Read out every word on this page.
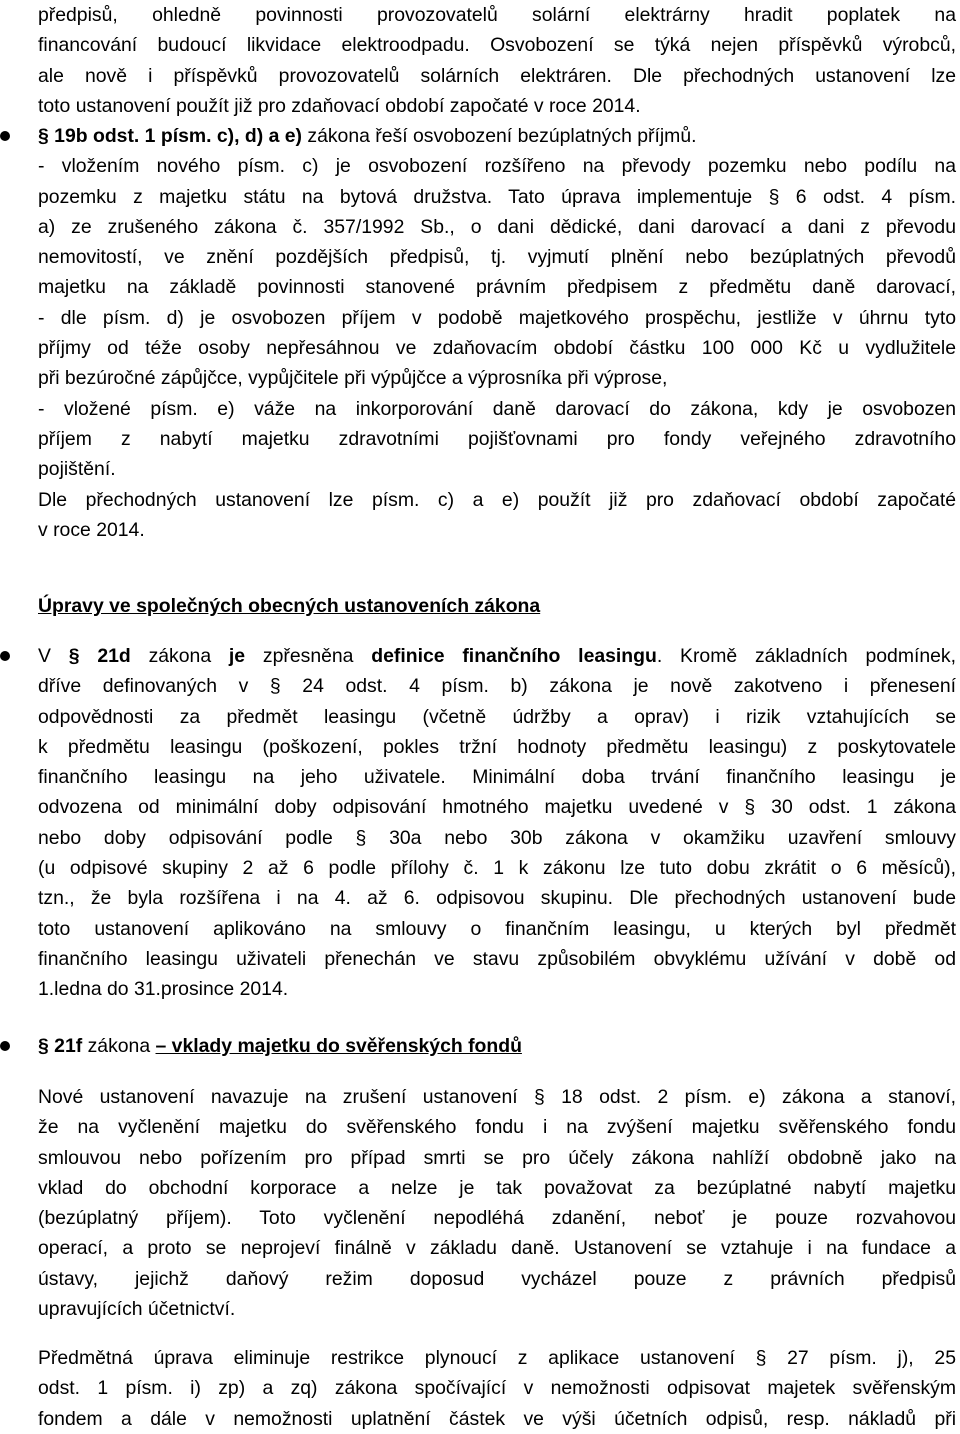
předpisů, ohledně povinnosti provozovatelů solární elektrárny hradit poplatek na
financování budoucí likvidace elektroodpadu. Osvobození se týká nejen příspěvků výrobců,
ale nově i příspěvků provozovatelů solárních elektráren. Dle přechodných ustanovení lze
toto ustanovení použít již pro zdaňovací období započaté v roce 2014.
§ 19b odst. 1 písm. c), d) a e) zákona řeší osvobození bezúplatných příjmů.
- vložením nového písm. c) je osvobození rozšířeno na převody pozemku nebo podílu na
pozemku z majetku státu na bytová družstva. Tato úprava implementuje § 6 odst. 4 písm.
a) ze zrušeného zákona č. 357/1992 Sb., o dani dědické, dani darovací a dani z převodu
nemovitostí, ve znění pozdějších předpisů, tj. vyjmutí plnění nebo bezúplatných převodů
majetku na základě povinnosti stanovené právním předpisem z předmětu daně darovací,
- dle písm. d) je osvobozen příjem v podobě majetkového prospěchu, jestliže v úhrnu tyto
příjmy od téže osoby nepřesáhnou ve zdaňovacím období částku 100 000 Kč u vydlužitele
při bezúročné zápůjčce, vypůjčitele při výpůjčce a výprosníka při výprose,
- vložené písm. e) váže na inkorporování daně darovací do zákona, kdy je osvobozen
příjem z nabytí majetku zdravotními pojišťovnami pro fondy veřejného zdravotního
pojištění.
Dle přechodných ustanovení lze písm. c) a e) použít již pro zdaňovací období započaté
v roce 2014.
Úpravy ve společných obecných ustanoveních zákona
V § 21d zákona je zpřesněna definice finančního leasingu. Kromě základních podmínek,
dříve definovaných v § 24 odst. 4 písm. b) zákona je nově zakotveno i přenesení
odpovědnosti za předmět leasingu (včetně údržby a oprav) i rizik vztahujících se
k předmětu leasingu (poškození, pokles tržní hodnoty předmětu leasingu) z poskytovatele
finančního leasingu na jeho uživatele. Minimální doba trvání finančního leasingu je
odvozena od minimální doby odpisování hmotného majetku uvedené v § 30 odst. 1 zákona
nebo doby odpisování podle § 30a nebo 30b zákona v okamžiku uzavření smlouvy
(u odpisové skupiny 2 až 6 podle přílohy č. 1 k zákonu lze tuto dobu zkrátit o 6 měsíců),
tzn., že byla rozšířena i na 4. až 6. odpisovou skupinu. Dle přechodných ustanovení bude
toto ustanovení aplikováno na smlouvy o finančním leasingu, u kterých byl předmět
finančního leasingu uživateli přenechán ve stavu způsobilém obvyklému užívání v době od
1.ledna do 31.prosince 2014.
§ 21f zákona – vklady majetku do svěřenských fondů
Nové ustanovení navazuje na zrušení ustanovení § 18 odst. 2 písm. e) zákona a stanoví,
že na vyčlenění majetku do svěřenského fondu i na zvýšení majetku svěřenského fondu
smlouvou nebo pořízením pro případ smrti se pro účely zákona nahlíží obdobně jako na
vklad do obchodní korporace a nelze je tak považovat za bezúplatné nabytí majetku
(bezúplatný příjem). Toto vyčlenění nepodléhá zdanění, neboť je pouze rozvahovou
operací, a proto se neprojeví finálně v základu daně. Ustanovení se vztahuje i na fundace a
ústavy, jejichž daňový režim doposud vycházel pouze z právních předpisů
upravujících účetnictví.
Předmětná úprava eliminuje restrikce plynoucí z aplikace ustanovení § 27 písm. j), 25
odst. 1 písm. i) zp) a zq) zákona spočívající v nemožnosti odpisovat majetek svěřenským
fondem a dále v nemožnosti uplatnění částek ve výši účetních odpisů, resp. nákladů při
